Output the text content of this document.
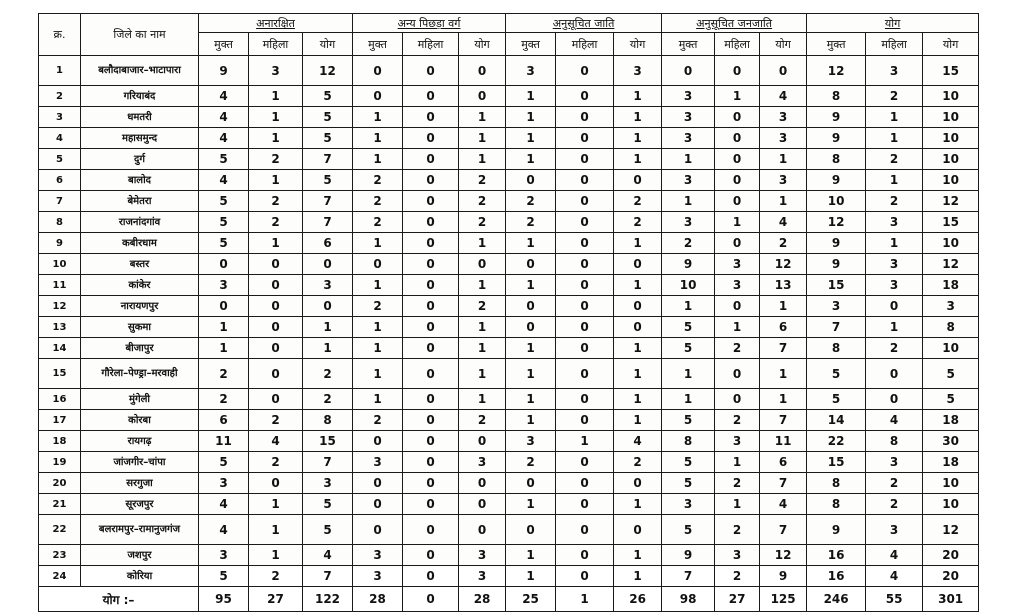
क्र.	जिले का नाम	अनारक्षित			अन्य पिछड़ा वर्ग			अनुसूचित जाति			अनुसूचित जनजाति			योग		
		मुक्त	महिला	योग	मुक्त	महिला	योग	मुक्त	महिला	योग	मुक्त	महिला	योग	मुक्त	महिला	योग
1	बलौदाबाजार–भाटापारा	9	3	12	0	0	0	3	0	3	0	0	0	12	3	15
2	गरियाबंद	4	1	5	0	0	0	1	0	1	3	1	4	8	2	10
3	धमतरी	4	1	5	1	0	1	1	0	1	3	0	3	9	1	10
4	महासमुन्द	4	1	5	1	0	1	1	0	1	3	0	3	9	1	10
5	दुर्ग	5	2	7	1	0	1	1	0	1	1	0	1	8	2	10
6	बालोद	4	1	5	2	0	2	0	0	0	3	0	3	9	1	10
7	बेमेतरा	5	2	7	2	0	2	2	0	2	1	0	1	10	2	12
8	राजनांदगांव	5	2	7	2	0	2	2	0	2	3	1	4	12	3	15
9	कबीरधाम	5	1	6	1	0	1	1	0	1	2	0	2	9	1	10
10	बस्तर	0	0	0	0	0	0	0	0	0	9	3	12	9	3	12
11	कांकेर	3	0	3	1	0	1	1	0	1	10	3	13	15	3	18
12	नारायणपुर	0	0	0	2	0	2	0	0	0	1	0	1	3	0	3
13	सुकमा	1	0	1	1	0	1	0	0	0	5	1	6	7	1	8
14	बीजापुर	1	0	1	1	0	1	1	0	1	5	2	7	8	2	10
15	गौरेला–पेण्ड्रा–मरवाही	2	0	2	1	0	1	1	0	1	1	0	1	5	0	5
16	मुंगेली	2	0	2	1	0	1	1	0	1	1	0	1	5	0	5
17	कोरबा	6	2	8	2	0	2	1	0	1	5	2	7	14	4	18
18	रायगढ़	11	4	15	0	0	0	3	1	4	8	3	11	22	8	30
19	जांजगीर–चांपा	5	2	7	3	0	3	2	0	2	5	1	6	15	3	18
20	सरगुजा	3	0	3	0	0	0	0	0	0	5	2	7	8	2	10
21	सूरजपुर	4	1	5	0	0	0	1	0	1	3	1	4	8	2	10
22	बलरामपुर–रामानुजगंज	4	1	5	0	0	0	0	0	0	5	2	7	9	3	12
23	जशपुर	3	1	4	3	0	3	1	0	1	9	3	12	16	4	20
24	कोरिया	5	2	7	3	0	3	1	0	1	7	2	9	16	4	20
योग :–		95	27	122	28	0	28	25	1	26	98	27	125	246	55	301
